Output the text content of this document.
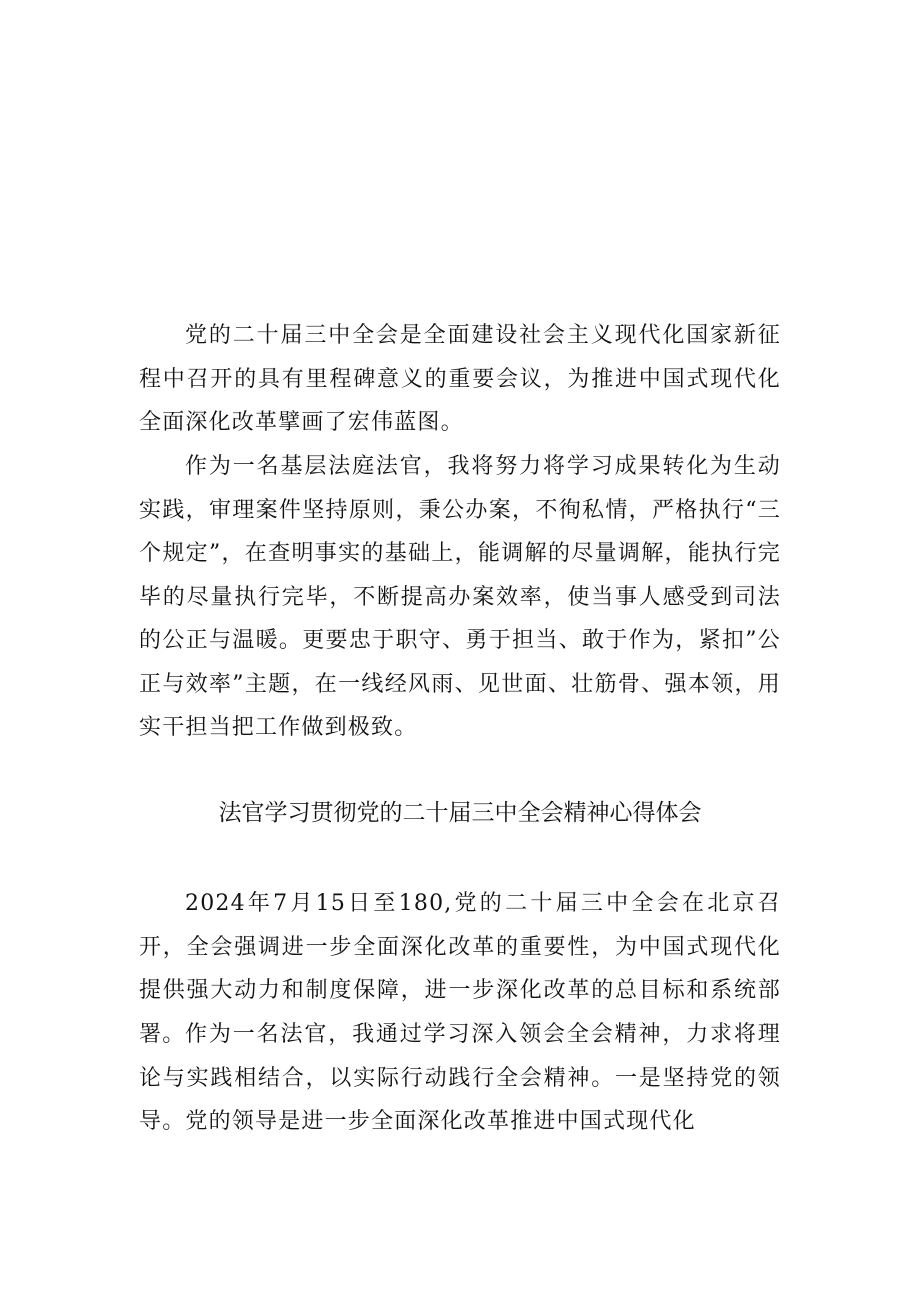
党的二十届三中全会是全面建设社会主义现代化国家新征程中召开的具有里程碑意义的重要会议，为推进中国式现代化全面深化改革擘画了宏伟蓝图。

作为一名基层法庭法官，我将努力将学习成果转化为生动实践，审理案件坚持原则，秉公办案，不徇私情，严格执行“三个规定”，在查明事实的基础上，能调解的尽量调解，能执行完毕的尽量执行完毕，不断提高办案效率，使当事人感受到司法的公正与温暖。更要忠于职守、勇于担当、敢于作为，紧扣”公正与效率”主题，在一线经风雨、见世面、壮筋骨、强本领，用实干担当把工作做到极致。

法官学习贯彻党的二十届三中全会精神心得体会

2024年7月15日至180,党的二十届三中全会在北京召开，全会强调进一步全面深化改革的重要性，为中国式现代化提供强大动力和制度保障，进一步深化改革的总目标和系统部署。 作为一名法官，我通过学习深入领会全会精神，力求将理论与实践相结合，以实际行动践行全会精神。一是坚持党的领导。党的领导是进一步全面深化改革推进中国式现代化
